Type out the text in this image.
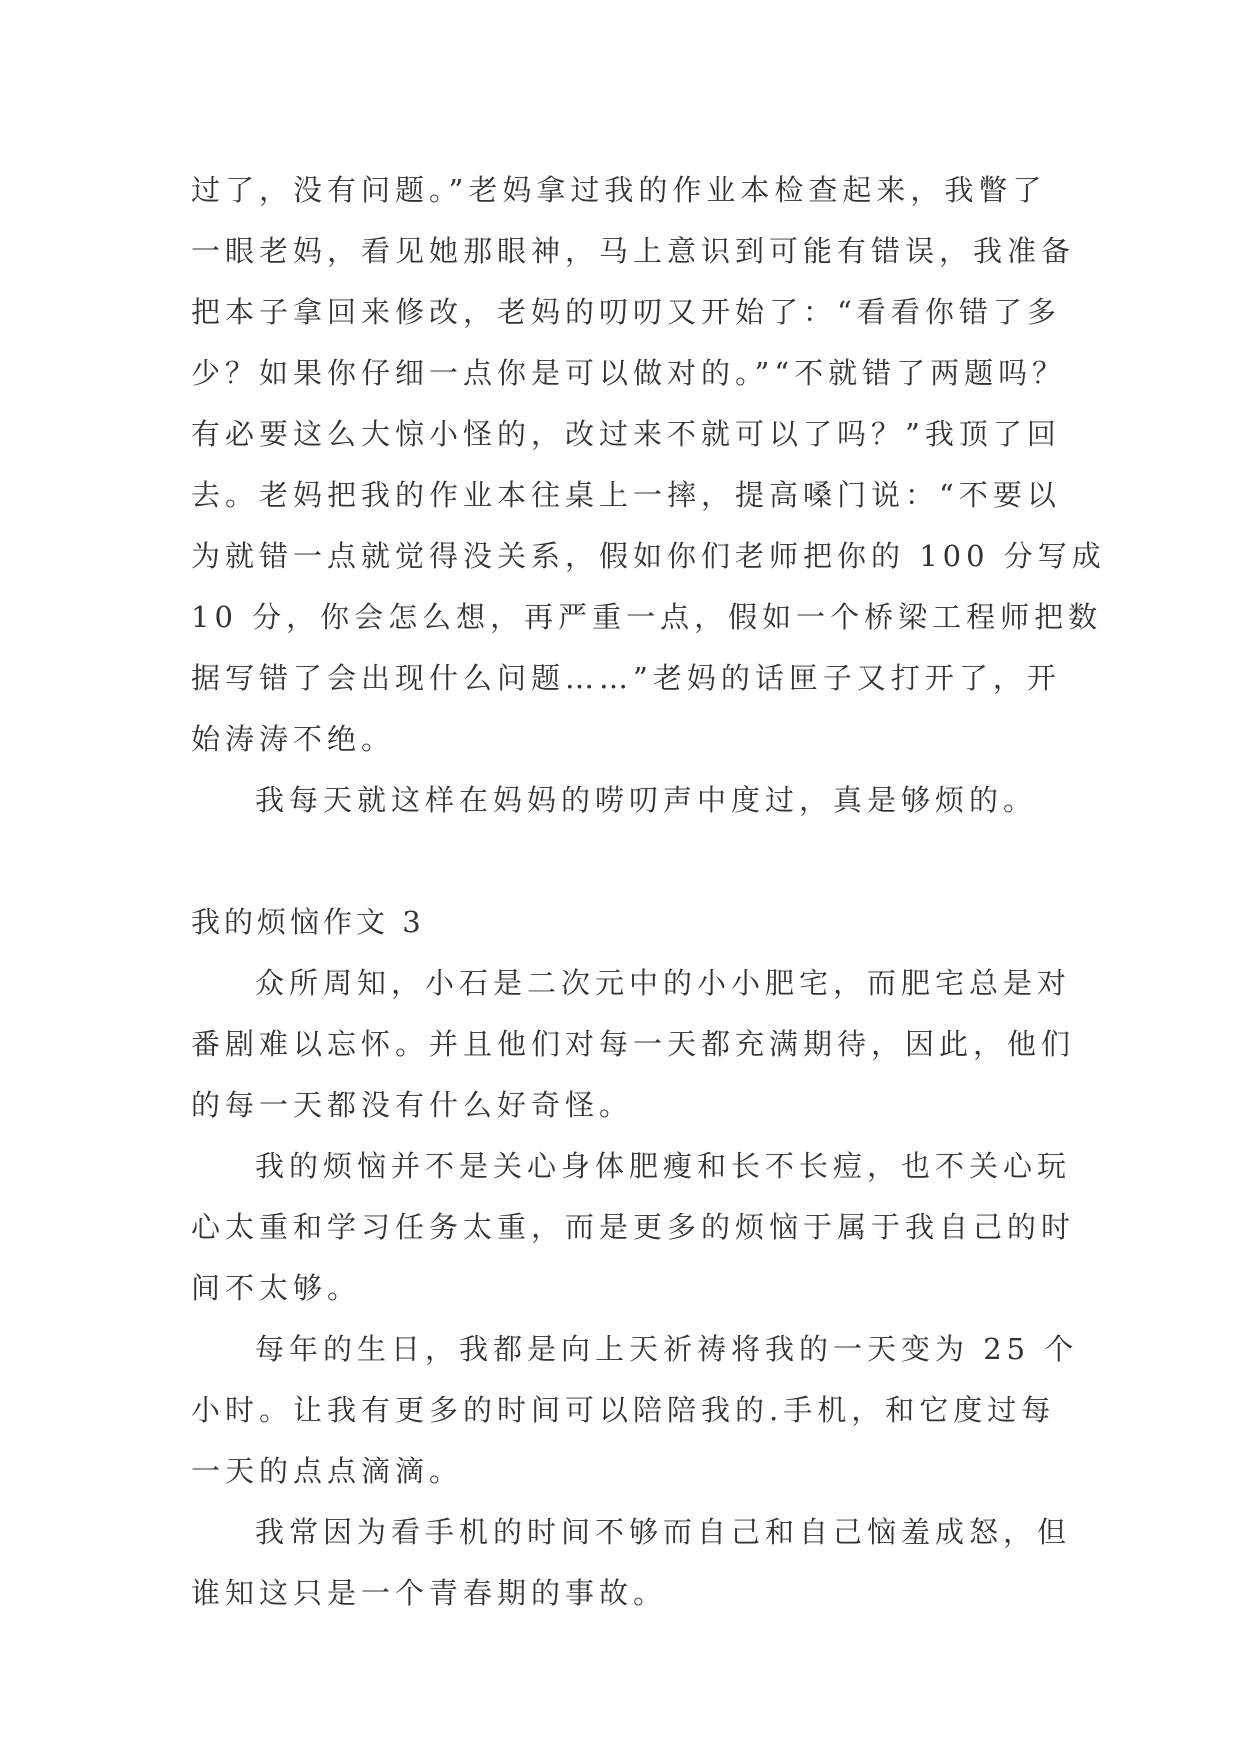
过了，没有问题。”老妈拿过我的作业本检查起来，我瞥了
一眼老妈，看见她那眼神，马上意识到可能有错误，我准备
把本子拿回来修改，老妈的叨叨又开始了：“看看你错了多
少？如果你仔细一点你是可以做对的。”“不就错了两题吗？
有必要这么大惊小怪的，改过来不就可以了吗？”我顶了回
去。老妈把我的作业本往桌上一摔，提高嗓门说：“不要以
为就错一点就觉得没关系，假如你们老师把你的 100 分写成
10 分，你会怎么想，再严重一点，假如一个桥梁工程师把数
据写错了会出现什么问题……”老妈的话匣子又打开了，开
始涛涛不绝。
我每天就这样在妈妈的唠叨声中度过，真是够烦的。
我的烦恼作文 3
众所周知，小石是二次元中的小小肥宅，而肥宅总是对
番剧难以忘怀。并且他们对每一天都充满期待，因此，他们
的每一天都没有什么好奇怪。
我的烦恼并不是关心身体肥瘦和长不长痘，也不关心玩
心太重和学习任务太重，而是更多的烦恼于属于我自己的时
间不太够。
每年的生日，我都是向上天祈祷将我的一天变为 25 个
小时。让我有更多的时间可以陪陪我的.手机，和它度过每
一天的点点滴滴。
我常因为看手机的时间不够而自己和自己恼羞成怒，但
谁知这只是一个青春期的事故。
